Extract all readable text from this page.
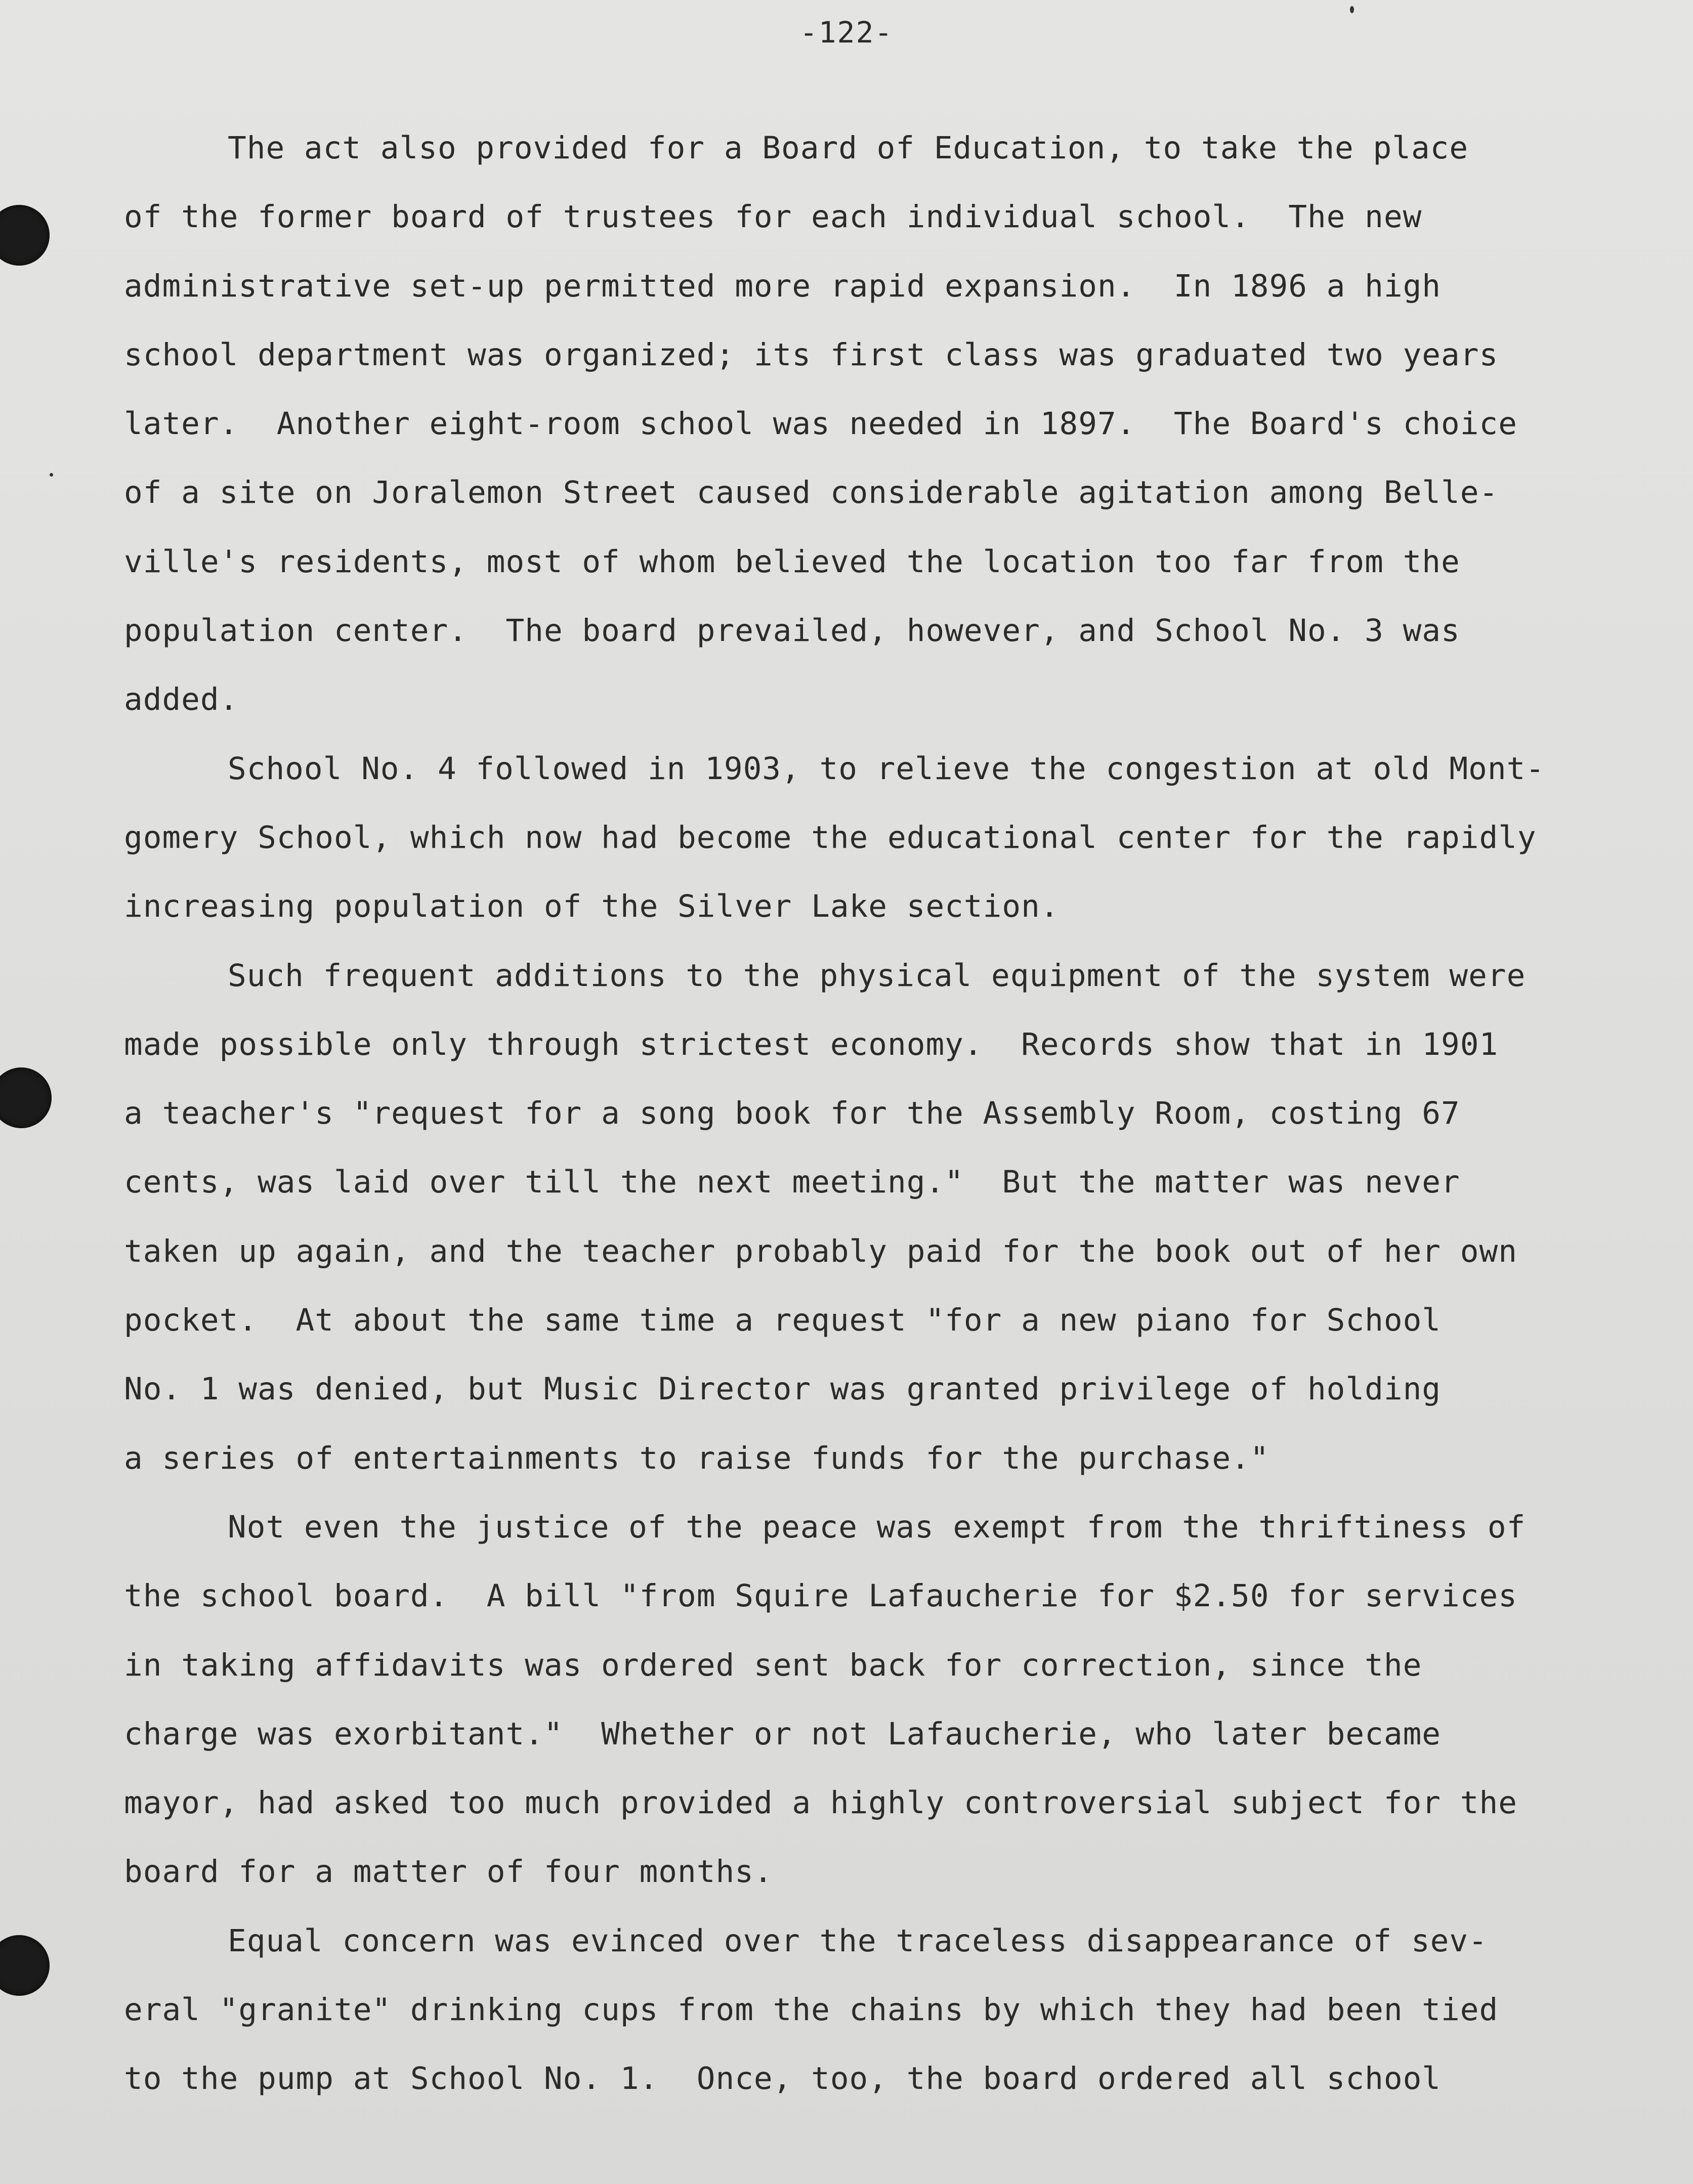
-122-
The act also provided for a Board of Education, to take the place
of the former board of trustees for each individual school.  The new
administrative set-up permitted more rapid expansion.  In 1896 a high
school department was organized; its first class was graduated two years
later.  Another eight-room school was needed in 1897.  The Board's choice
of a site on Joralemon Street caused considerable agitation among Belle-
ville's residents, most of whom believed the location too far from the
population center.  The board prevailed, however, and School No. 3 was
added.
School No. 4 followed in 1903, to relieve the congestion at old Mont-
gomery School, which now had become the educational center for the rapidly
increasing population of the Silver Lake section.
Such frequent additions to the physical equipment of the system were
made possible only through strictest economy.  Records show that in 1901
a teacher's "request for a song book for the Assembly Room, costing 67
cents, was laid over till the next meeting."  But the matter was never
taken up again, and the teacher probably paid for the book out of her own
pocket.  At about the same time a request "for a new piano for School
No. 1 was denied, but Music Director was granted privilege of holding
a series of entertainments to raise funds for the purchase."
Not even the justice of the peace was exempt from the thriftiness of
the school board.  A bill "from Squire Lafaucherie for $2.50 for services
in taking affidavits was ordered sent back for correction, since the
charge was exorbitant."  Whether or not Lafaucherie, who later became
mayor, had asked too much provided a highly controversial subject for the
board for a matter of four months.
Equal concern was evinced over the traceless disappearance of sev-
eral "granite" drinking cups from the chains by which they had been tied
to the pump at School No. 1.  Once, too, the board ordered all school
